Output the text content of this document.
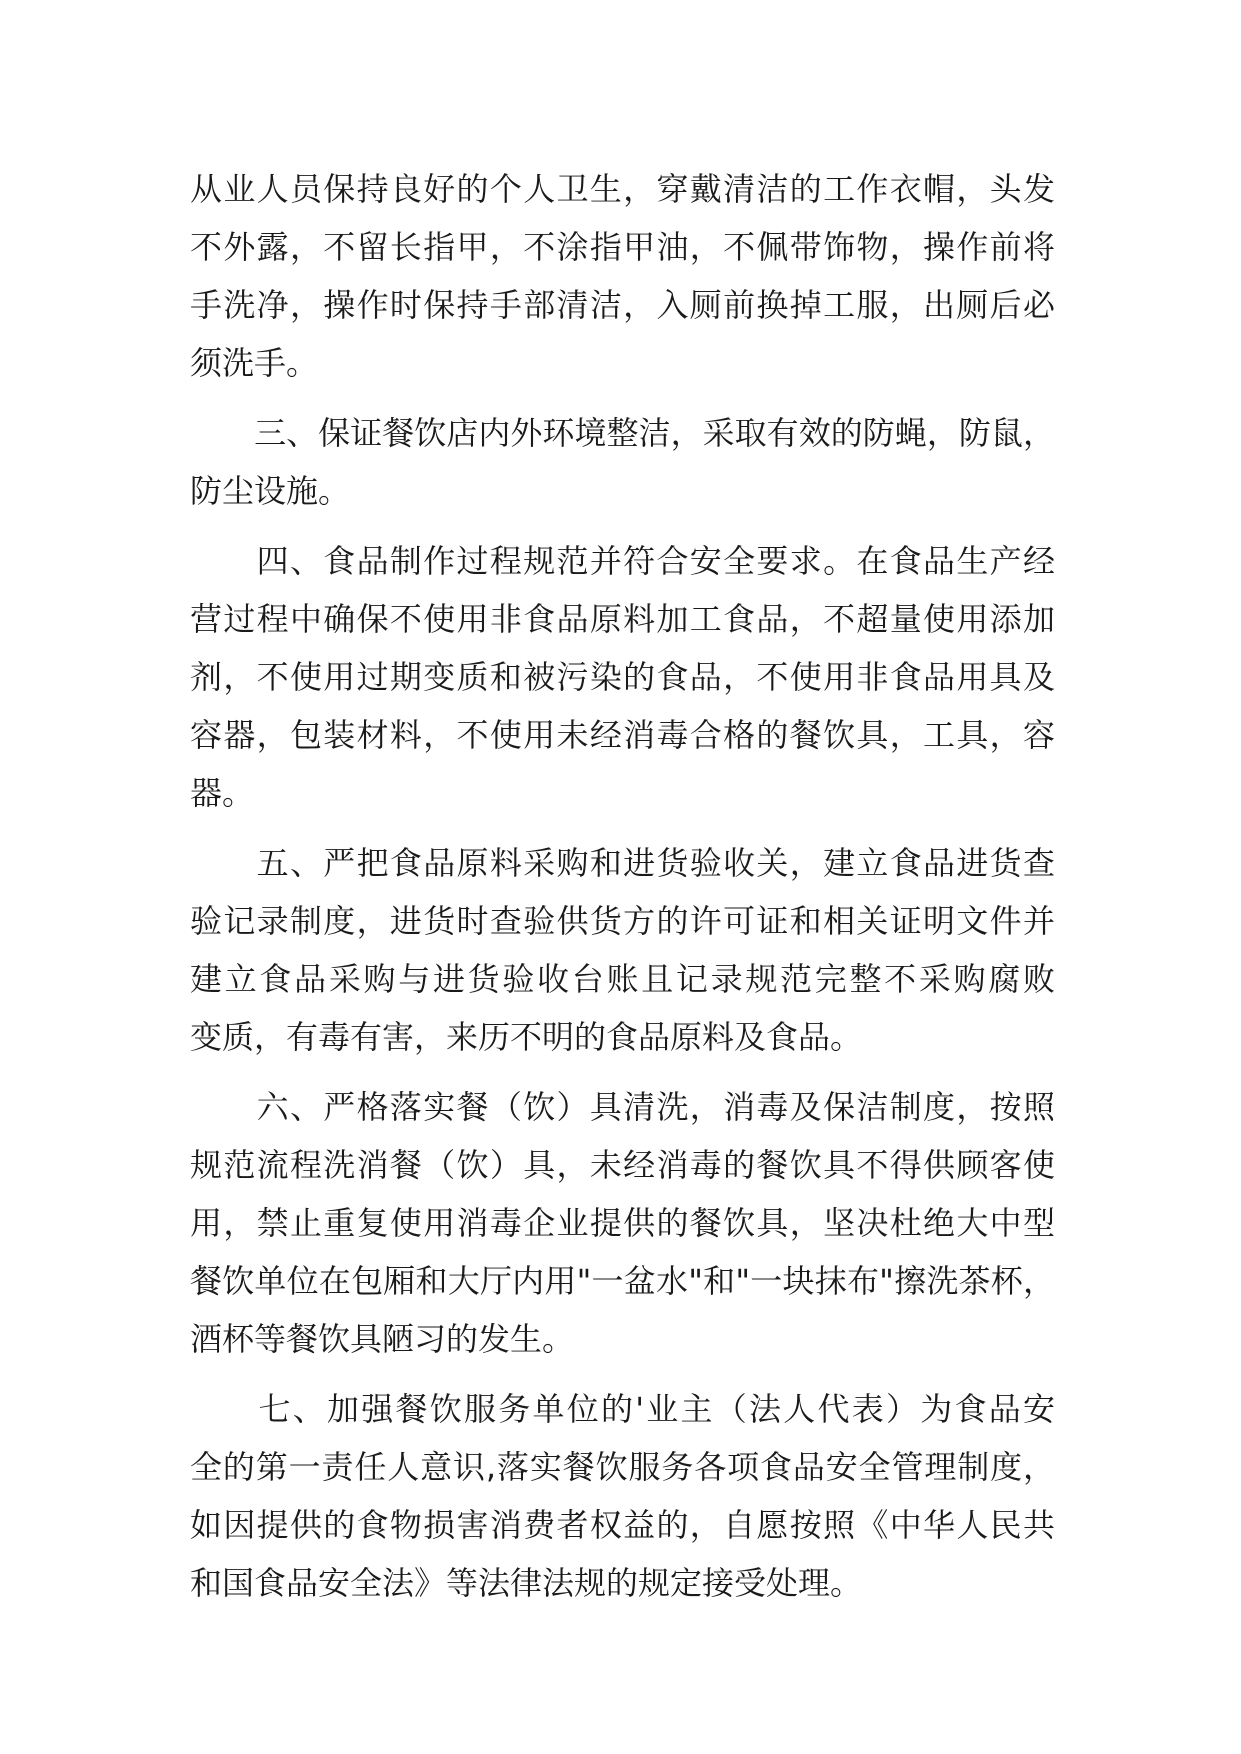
从业人员保持良好的个人卫生，穿戴清洁的工作衣帽，头发
不外露，不留长指甲，不涂指甲油，不佩带饰物，操作前将
手洗净，操作时保持手部清洁，入厕前换掉工服，出厕后必
须洗手。
　　三、保证餐饮店内外环境整洁，采取有效的防蝇，防鼠，
防尘设施。
　　四、食品制作过程规范并符合安全要求。在食品生产经
营过程中确保不使用非食品原料加工食品，不超量使用添加
剂，不使用过期变质和被污染的食品，不使用非食品用具及
容器，包装材料，不使用未经消毒合格的餐饮具，工具，容
器。
　　五、严把食品原料采购和进货验收关，建立食品进货查
验记录制度，进货时查验供货方的许可证和相关证明文件并
建立食品采购与进货验收台账且记录规范完整不采购腐败
变质，有毒有害，来历不明的食品原料及食品。
　　六、严格落实餐（饮）具清洗，消毒及保洁制度，按照
规范流程洗消餐（饮）具，未经消毒的餐饮具不得供顾客使
用，禁止重复使用消毒企业提供的餐饮具，坚决杜绝大中型
餐饮单位在包厢和大厅内用"一盆水"和"一块抹布"擦洗茶杯，
酒杯等餐饮具陋习的发生。
　　七、加强餐饮服务单位的'业主（法人代表）为食品安
全的第一责任人意识,落实餐饮服务各项食品安全管理制度，
如因提供的食物损害消费者权益的，自愿按照《中华人民共
和国食品安全法》等法律法规的规定接受处理。
